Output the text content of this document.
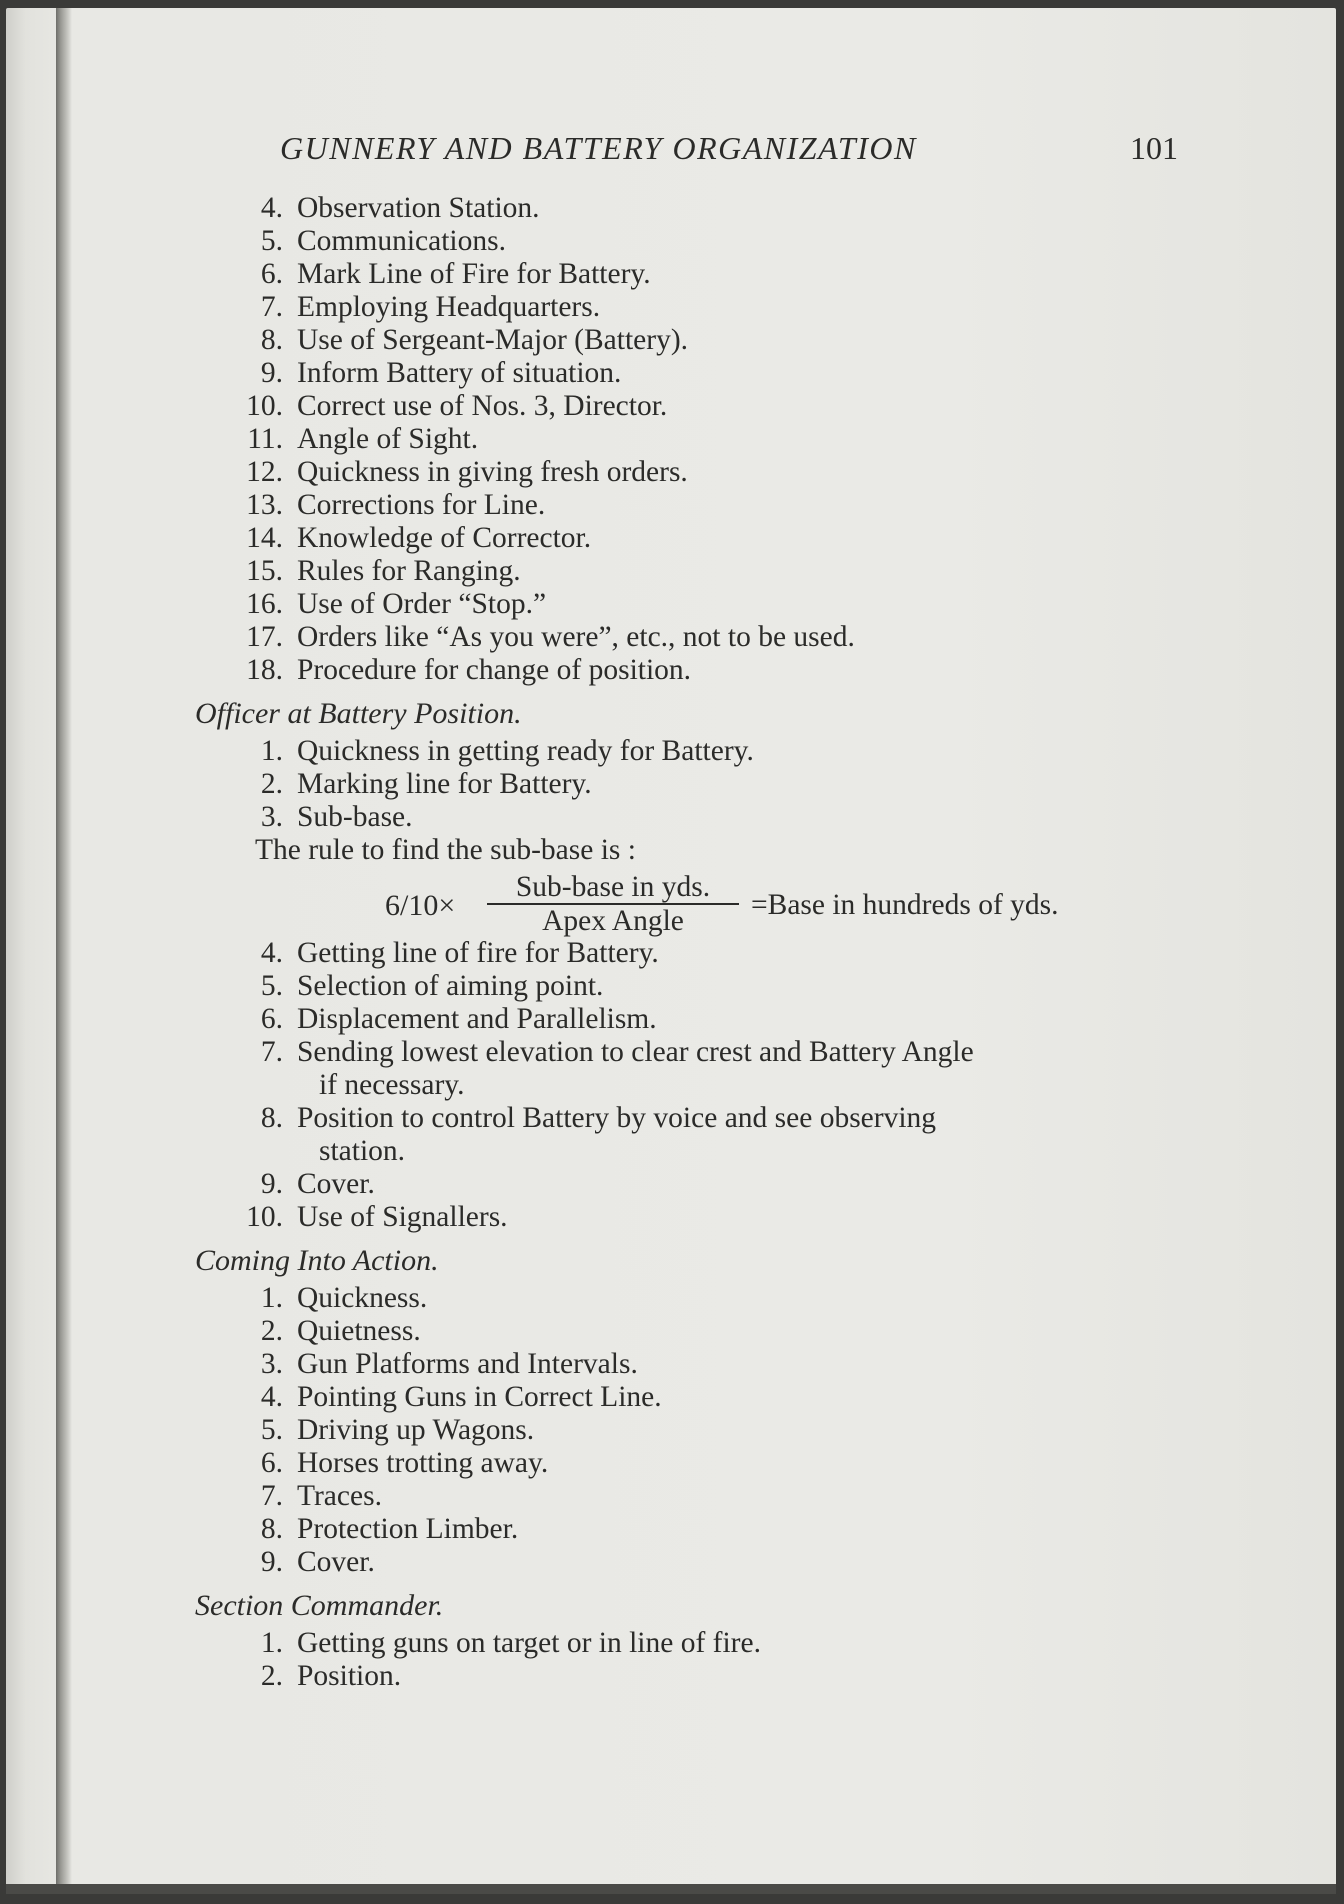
GUNNERY AND BATTERY ORGANIZATION	101
4. Observation Station.
5. Communications.
6. Mark Line of Fire for Battery.
7. Employing Headquarters.
8. Use of Sergeant-Major (Battery).
9. Inform Battery of situation.
10. Correct use of Nos. 3, Director.
11. Angle of Sight.
12. Quickness in giving fresh orders.
13. Corrections for Line.
14. Knowledge of Corrector.
15. Rules for Ranging.
16. Use of Order “Stop.”
17. Orders like “As you were”, etc., not to be used.
18. Procedure for change of position.
Officer at Battery Position.
1. Quickness in getting ready for Battery.
2. Marking line for Battery.
3. Sub-base.
The rule to find the sub-base is :
6/10×
Sub-base in yds.
Apex Angle	=Base in hundreds of yds.
4. Getting line of fire for Battery.
5. Selection of aiming point.
6. Displacement and Parallelism.
7. Sending lowest elevation to clear crest and Battery Angle
if necessary.
8. Position to control Battery by voice and see observing
station.
9. Cover.
10. Use of Signallers.
Coming Into Action.
1. Quickness.
2. Quietness.
3. Gun Platforms and Intervals.
4. Pointing Guns in Correct Line.
5. Driving up Wagons.
6. Horses trotting away.
7. Traces.
8. Protection Limber.
9. Cover.
Section Commander.
1. Getting guns on target or in line of fire.
2. Position.
